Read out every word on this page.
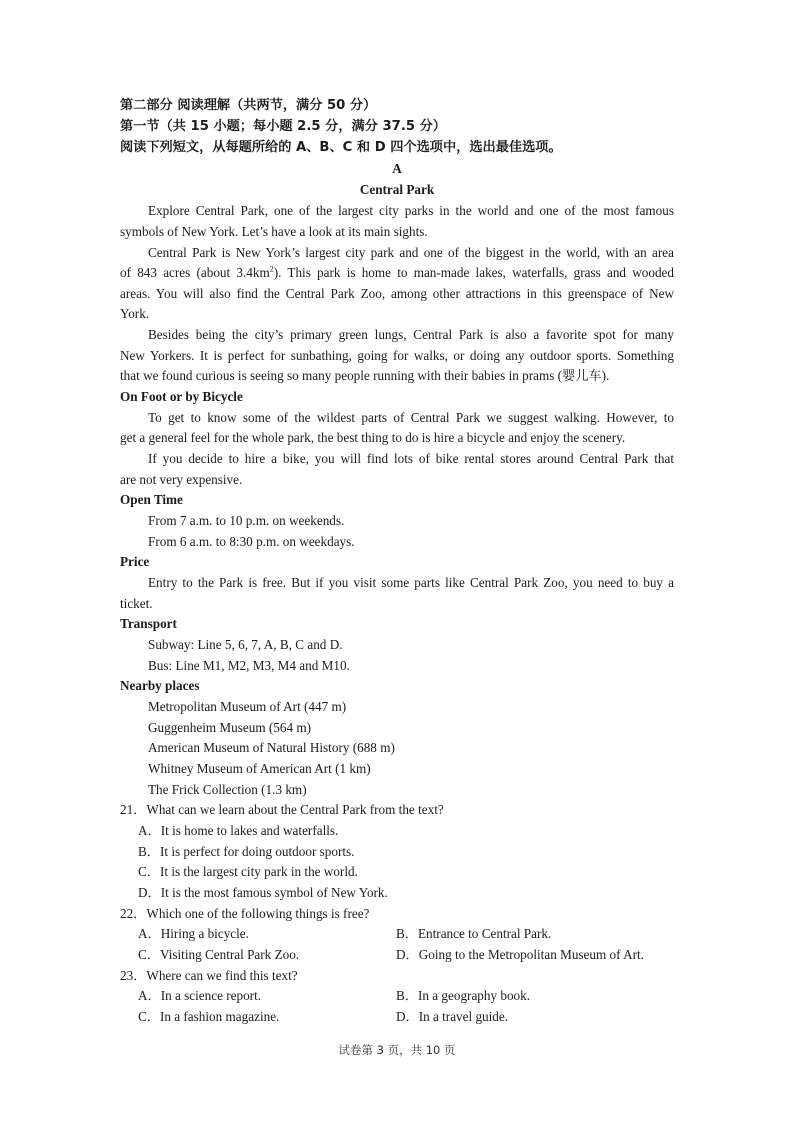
第二部分 阅读理解（共两节，满分 50 分）
第一节（共 15 小题；每小题 2.5 分，满分 37.5 分）
阅读下列短文，从每题所给的 A、B、C 和 D 四个选项中，选出最佳选项。
A
Central Park
Explore Central Park, one of the largest city parks in the world and one of the most famous
symbols of New York. Let’s have a look at its main sights.
Central Park is New York’s largest city park and one of the biggest in the world, with an area
of 843 acres (about $3.4km^2$). This park is home to man-made lakes, waterfalls, grass and wooded
areas. You will also find the Central Park Zoo, among other attractions in this greenspace of New
York.
Besides being the city’s primary green lungs, Central Park is also a favorite spot for many
New Yorkers. It is perfect for sunbathing, going for walks, or doing any outdoor sports. Something
that we found curious is seeing so many people running with their babies in prams (婴儿车).
On Foot or by Bicycle
To get to know some of the wildest parts of Central Park we suggest walking. However, to
get a general feel for the whole park, the best thing to do is hire a bicycle and enjoy the scenery.
If you decide to hire a bike, you will find lots of bike rental stores around Central Park that
are not very expensive.
Open Time
From 7 a.m. to 10 p.m. on weekends.
From 6 a.m. to 8:30 p.m. on weekdays.
Price
Entry to the Park is free. But if you visit some parts like Central Park Zoo, you need to buy a
ticket.
Transport
Subway: Line 5, 6, 7, A, B, C and D.
Bus: Line M1, M2, M3, M4 and M10.
Nearby places
Metropolitan Museum of Art (447 m)
Guggenheim Museum (564 m)
American Museum of Natural History (688 m)
Whitney Museum of American Art (1 km)
The Frick Collection (1.3 km)
21．What can we learn about the Central Park from the text?
A．It is home to lakes and waterfalls.
B．It is perfect for doing outdoor sports.
C．It is the largest city park in the world.
D．It is the most famous symbol of New York.
22．Which one of the following things is free?
A．Hiring a bicycle.	B．Entrance to Central Park.
C．Visiting Central Park Zoo.	D．Going to the Metropolitan Museum of Art.
23．Where can we find this text?
A．In a science report.	B．In a geography book.
C．In a fashion magazine.	D．In a travel guide.
试卷第 3 页，共 10 页
